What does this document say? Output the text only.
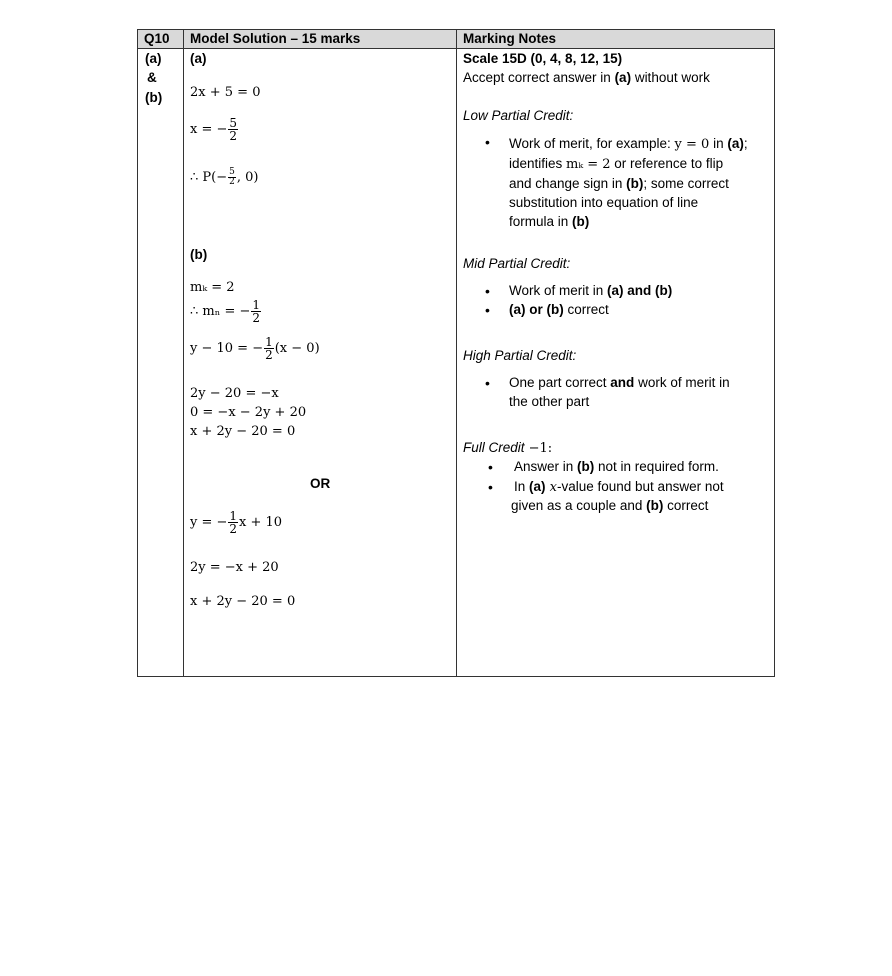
Q10 Model Solution – 15 marks	Marking Notes
(a)
&
(b)
(a)
2x + 5 = 0
x = − $\frac{5}{2}$
∴ $P(- \frac{5}{2}$ , 0)
(b)
mₖ = 2
∴ mₙ = − $\frac{1}{2}$
y − 10 = − $\frac{1}{2} (x - 0)$
2y − 20 = −x
0 = −x − 2y + 20
x + 2y − 20 = 0
OR
y = − $\frac{1}{2}$ x + 10
2y = −x + 20
x + 2y − 20 = 0
Scale 15D (0, 4, 8, 12, 15)
Accept correct answer in (a) without work
Low Partial Credit:
• Work of merit, for example: y = 0 in (a);
identifies mₖ = 2 or reference to flip
and change sign in (b); some correct
substitution into equation of line
formula in (b)
Mid Partial Credit:
• Work of merit in (a) and (b)
• (a) or (b) correct
High Partial Credit:
• One part correct and work of merit in
the other part
Full Credit −1:
• Answer in (b) not in required form.
• In (a) x-value found but answer not
given as a couple and (b) correct
